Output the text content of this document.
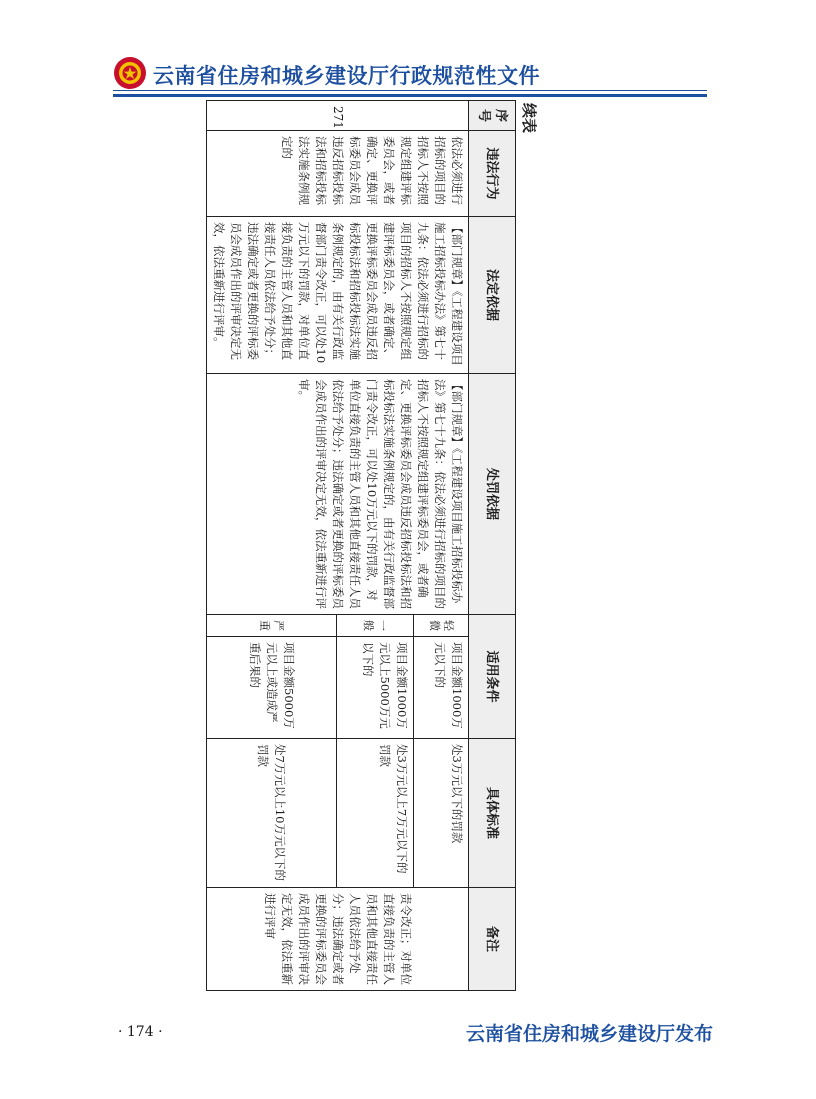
云南省住房和城乡建设厅行政规范性文件
续表
序号	违法行为	法定依据	处罚依据	适用条件		具体标准	备注
271	依法必须进行招标的项目的招标人不按照规定组建评标委员会，或者确定、更换评标委员会成员违反招标投标法和招标投标法实施条例规定的	【部门规章】《工程建设项目施工招标投标办法》第七十九条：依法必须进行招标的项目的招标人不按照规定组建评标委员会，或者确定、更换评标委员会成员违反招标投标法和招标投标法实施条例规定的，由有关行政监督部门责令改正，可以处10万元以下的罚款，对单位直接负责的主管人员和其他直接责任人员依法给予处分；违法确定或者更换的评标委员会成员作出的评审决定无效，依法重新进行评审。	【部门规章】《工程建设项目施工招标投标办法》第七十九条：依法必须进行招标的项目的招标人不按照规定组建评标委员会，或者确定、更换评标委员会成员违反招标投标法和招标投标法实施条例规定的，由有关行政监督部门责令改正，可以处10万元以下的罚款，对单位直接负责的主管人员和其他直接责任人员依法给予处分；违法确定或者更换的评标委员会成员作出的评审决定无效，依法重新进行评审。	轻微	项目金额1000万元以下的	处3万元以下的罚款	责令改正；对单位直接负责的主管人员和其他直接责任人员依法给予处分；违法确定或者更换的评标委员会成员作出的评审决定无效，依法重新进行评审
				一般	项目金额1000万元以上5000万元以下的	处3万元以上7万元以下的罚款	
				严重	项目金额5000万元以上或造成严重后果的	处7万元以上10万元以下的罚款	
· 174 ·	云南省住房和城乡建设厅发布
